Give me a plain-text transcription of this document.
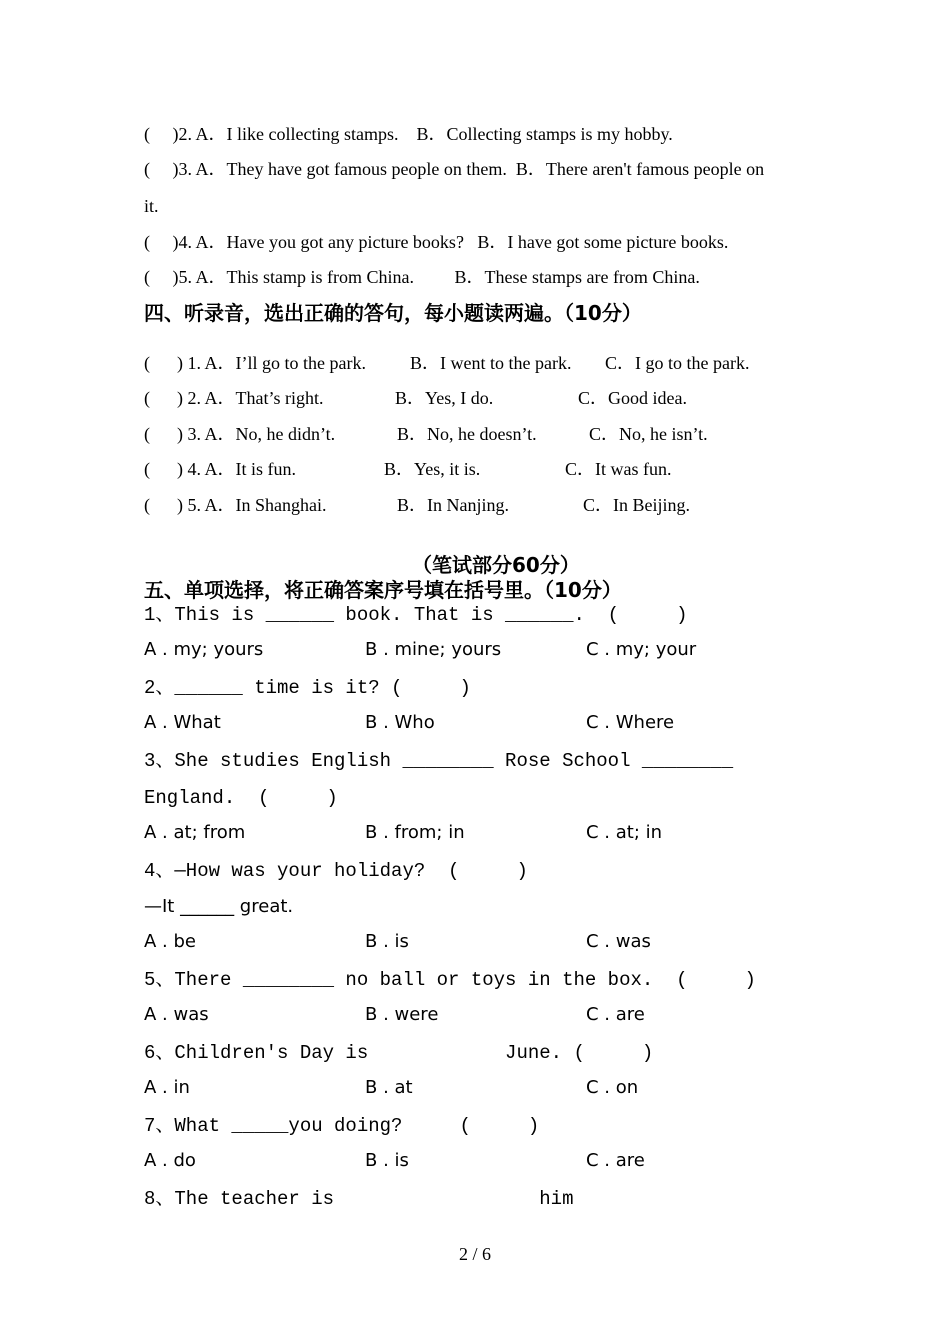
(     )2. A．I like collecting stamps.    B．Collecting stamps is my hobby.
(     )3. A．They have got famous people on them.  B．There aren't famous people on
it.
(     )4. A．Have you got any picture books?   B．I have got some picture books.
(     )5. A．This stamp is from China.         B．These stamps are from China.
四、听录音，选出正确的答句，每小题读两遍。（10分）
(      ) 1. A．I’ll go to the park. B．I went to the park. C．I go to the park.
(      ) 2. A．That’s right.	B．Yes, I do.	C．Good idea.
(      ) 3. A．No, he didn’t.	B．No, he doesn’t.	C．No, he isn’t.
(      ) 4. A．It is fun.	B．Yes, it is.	C．It was fun.
(      ) 5. A．In Shanghai.	B．In Nanjing.	C．In Beijing.
（笔试部分60分）
五、单项选择，将正确答案序号填在括号里。（10分）
1、This is ______ book. That is ______.  (     )
A . my; yours	B . mine; yours	C . my; your
2、______ time is it? (     )
A . What	B . Who	C . Where
3、She studies English ________ Rose School ________
England.  (     )
A . at; from	B . from; in	C . at; in
4、—How was your holiday?  (     )
—It ______ great.
A . be	B . is	C . was
5、There ________ no ball or toys in the box.  (     )
A . was	B . were	C . are
6、Children's Day is            June. (     )
A . in	B . at	C . on
7、What _____you doing?     (     )
A . do	B . is	C . are
8、The teacher is                  him
2 / 6
